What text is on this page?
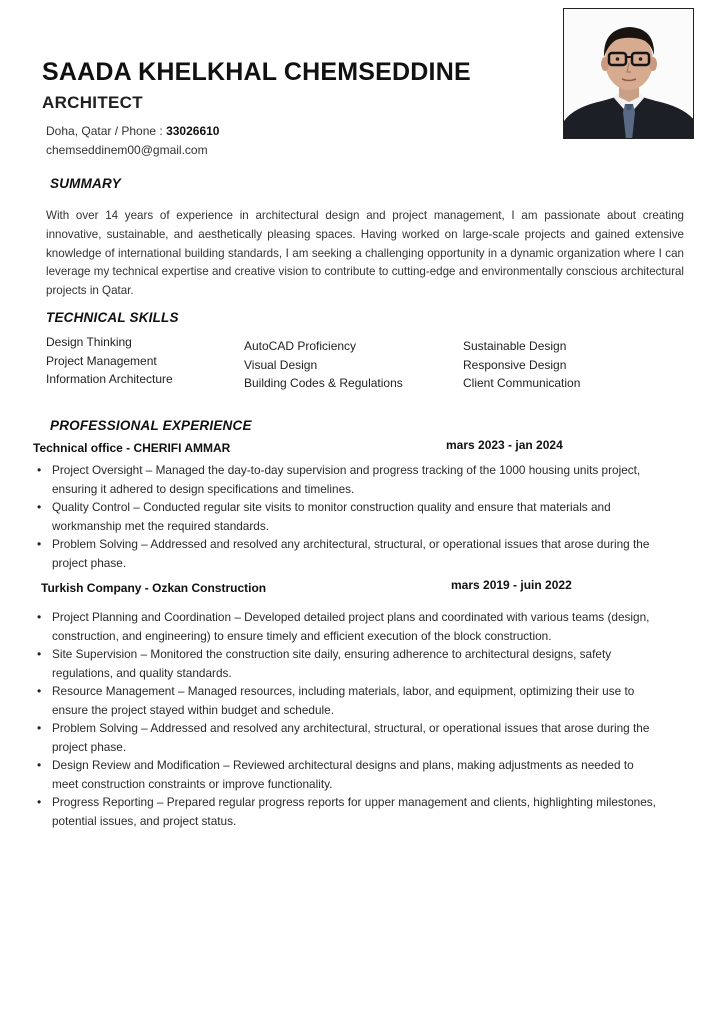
SAADA KHELKHAL CHEMSEDDINE
ARCHITECT
Doha, Qatar / Phone : 33026610
chemseddinem00@gmail.com
SUMMARY

With over 14 years of experience in architectural design and project management, I am passionate about creating innovative, sustainable, and aesthetically pleasing spaces. Having worked on large-scale projects and gained extensive knowledge of international building standards, I am seeking a challenging opportunity in a dynamic organization where I can leverage my technical expertise and creative vision to contribute to cutting-edge and environmentally conscious architectural projects in Qatar.

TECHNICAL SKILLS
Design Thinking
Project Management
Information Architecture
AutoCAD Proficiency
Visual Design
Building Codes & Regulations
Sustainable Design
Responsive Design
Client Communication
PROFESSIONAL EXPERIENCE
Technical office - CHERIFI AMMAR	mars 2023 - jan 2024
• Project Oversight – Managed the day-to-day supervision and progress tracking of the 1000 housing units project, ensuring it adhered to design specifications and timelines.
• Quality Control – Conducted regular site visits to monitor construction quality and ensure that materials and workmanship met the required standards.
• Problem Solving – Addressed and resolved any architectural, structural, or operational issues that arose during the project phase.
Turkish Company - Ozkan Construction	mars 2019 - juin 2022
• Project Planning and Coordination – Developed detailed project plans and coordinated with various teams (design, construction, and engineering) to ensure timely and efficient execution of the block construction.
• Site Supervision – Monitored the construction site daily, ensuring adherence to architectural designs, safety regulations, and quality standards.
• Resource Management – Managed resources, including materials, labor, and equipment, optimizing their use to ensure the project stayed within budget and schedule.
• Problem Solving – Addressed and resolved any architectural, structural, or operational issues that arose during the project phase.
• Design Review and Modification – Reviewed architectural designs and plans, making adjustments as needed to meet construction constraints or improve functionality.
• Progress Reporting – Prepared regular progress reports for upper management and clients, highlighting milestones, potential issues, and project status.
